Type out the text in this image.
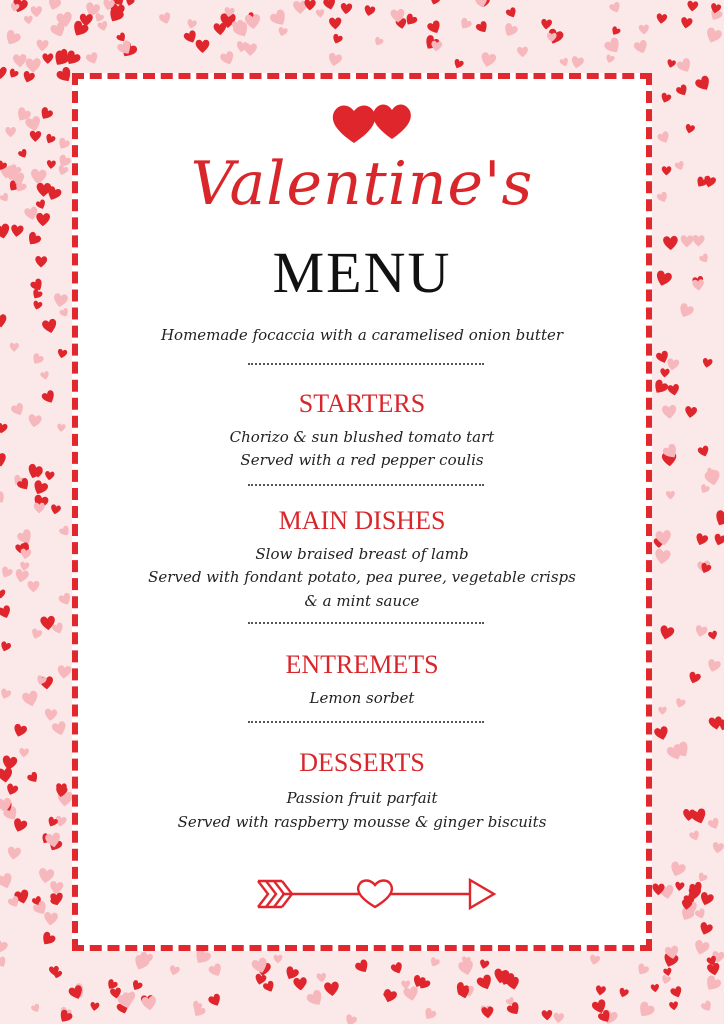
Valentine's
MENU
Homemade focaccia with a caramelised onion butter
STARTERS
Chorizo & sun blushed tomato tart
Served with a red pepper coulis
MAIN DISHES
Slow braised breast of lamb
Served with fondant potato, pea puree, vegetable crisps
& a mint sauce
ENTREMETS
Lemon sorbet
DESSERTS
Passion fruit parfait
Served with raspberry mousse & ginger biscuits
